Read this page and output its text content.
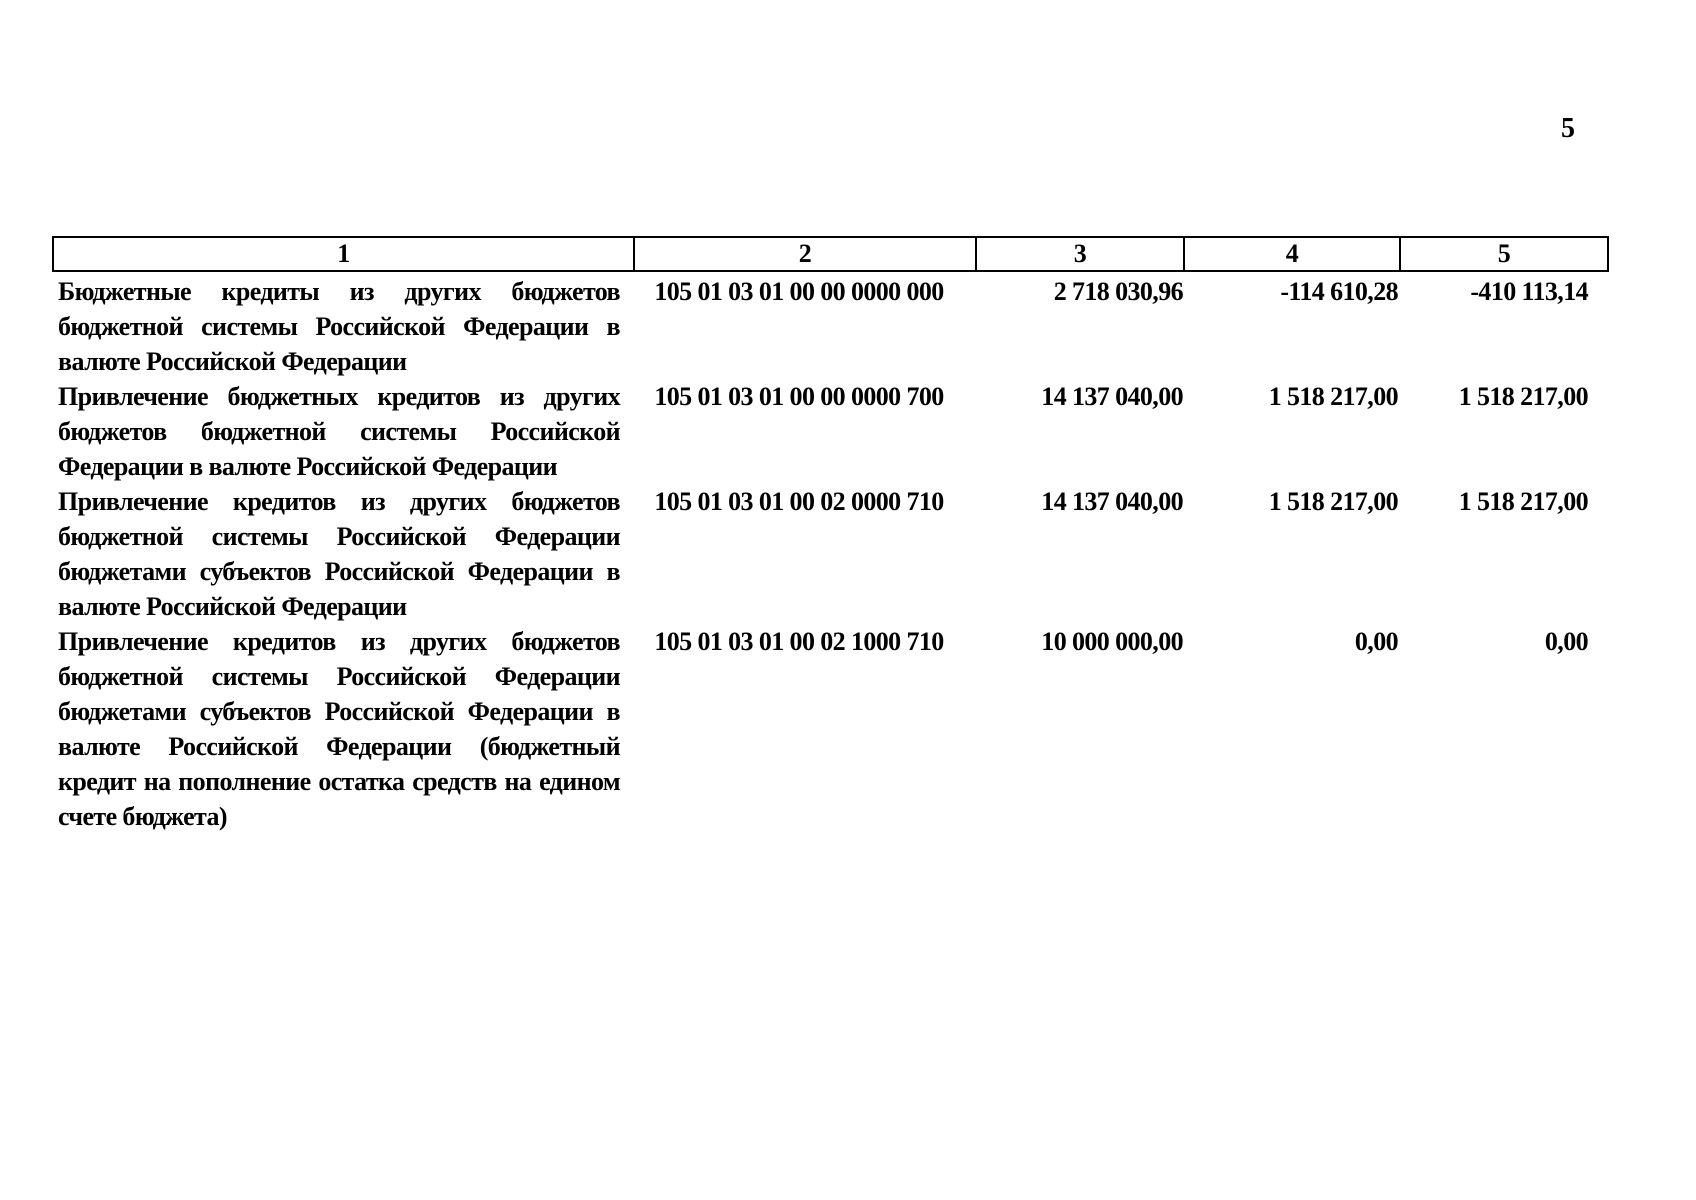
5
1	2	3	4	5
Бюджетные кредиты из других бюджетов бюджетной системы Российской Федерации в валюте Российской Федерации	105 01 03 01 00 00 0000 000	2 718 030,96	-114 610,28	-410 113,14
Привлечение бюджетных кредитов из других бюджетов бюджетной системы Российской Федерации в валюте Российской Федерации	105 01 03 01 00 00 0000 700	14 137 040,00	1 518 217,00	1 518 217,00
Привлечение кредитов из других бюджетов бюджетной системы Российской Федерации бюджетами субъектов Российской Федерации в валюте Российской Федерации	105 01 03 01 00 02 0000 710	14 137 040,00	1 518 217,00	1 518 217,00
Привлечение кредитов из других бюджетов бюджетной системы Российской Федерации бюджетами субъектов Российской Федерации в валюте Российской Федерации (бюджетный кредит на пополнение остатка средств на едином счете бюджета)	105 01 03 01 00 02 1000 710	10 000 000,00	0,00	0,00
